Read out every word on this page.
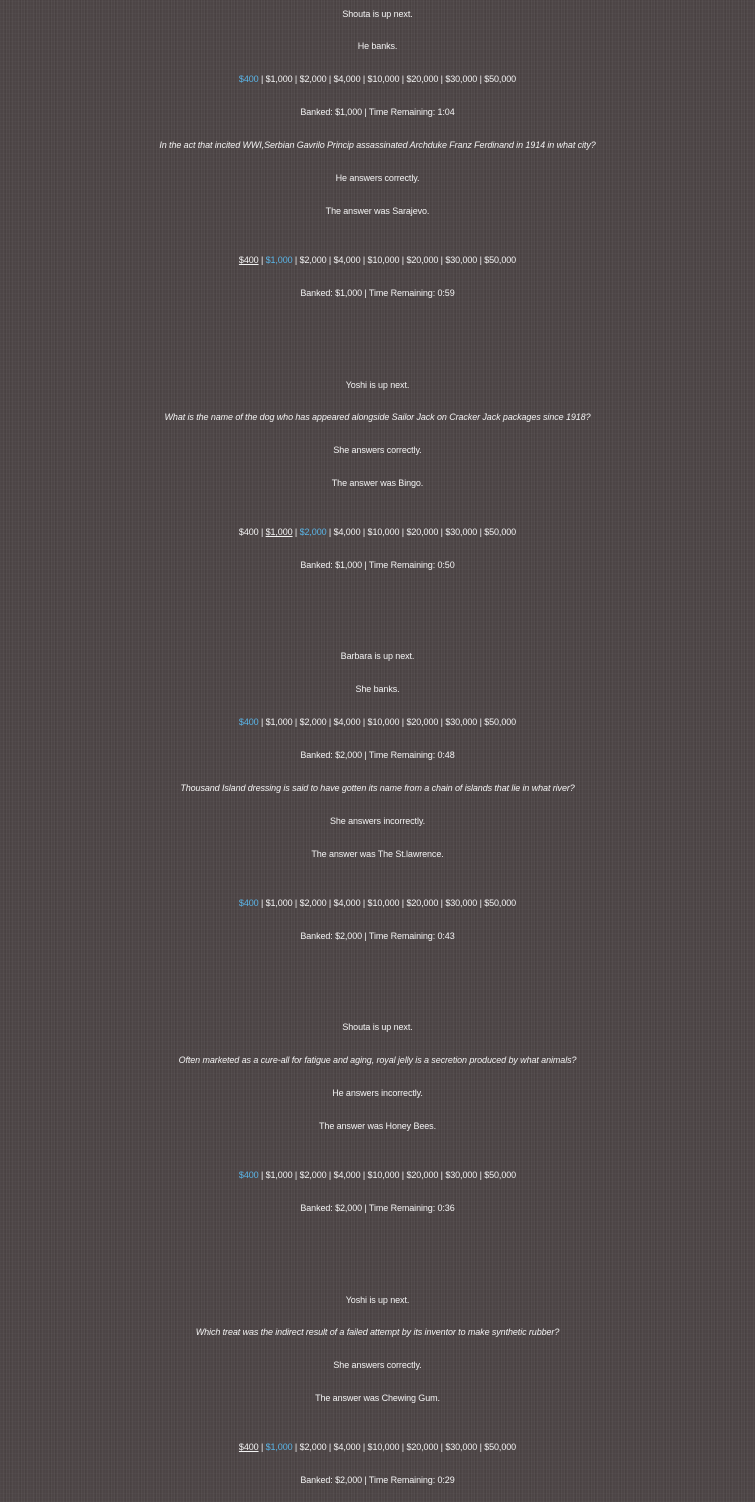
Shouta is up next.
He banks.
$400 | $1,000 | $2,000 | $4,000 | $10,000 | $20,000 | $30,000 | $50,000
Banked: $1,000 | Time Remaining: 1:04
In the act that incited WWI,Serbian Gavrilo Princip assassinated Archduke Franz Ferdinand in 1914 in what city?
He answers correctly.
The answer was Sarajevo.
$400 | $1,000 | $2,000 | $4,000 | $10,000 | $20,000 | $30,000 | $50,000
Banked: $1,000 | Time Remaining: 0:59
Yoshi is up next.
What is the name of the dog who has appeared alongside Sailor Jack on Cracker Jack packages since 1918?
She answers correctly.
The answer was Bingo.
$400 | $1,000 | $2,000 | $4,000 | $10,000 | $20,000 | $30,000 | $50,000
Banked: $1,000 | Time Remaining: 0:50
Barbara is up next.
She banks.
$400 | $1,000 | $2,000 | $4,000 | $10,000 | $20,000 | $30,000 | $50,000
Banked: $2,000 | Time Remaining: 0:48
Thousand Island dressing is said to have gotten its name from a chain of islands that lie in what river?
She answers incorrectly.
The answer was The St.lawrence.
$400 | $1,000 | $2,000 | $4,000 | $10,000 | $20,000 | $30,000 | $50,000
Banked: $2,000 | Time Remaining: 0:43
Shouta is up next.
Often marketed as a cure-all for fatigue and aging, royal jelly is a secretion produced by what animals?
He answers incorrectly.
The answer was Honey Bees.
$400 | $1,000 | $2,000 | $4,000 | $10,000 | $20,000 | $30,000 | $50,000
Banked: $2,000 | Time Remaining: 0:36
Yoshi is up next.
Which treat was the indirect result of a failed attempt by its inventor to make synthetic rubber?
She answers correctly.
The answer was Chewing Gum.
$400 | $1,000 | $2,000 | $4,000 | $10,000 | $20,000 | $30,000 | $50,000
Banked: $2,000 | Time Remaining: 0:29
